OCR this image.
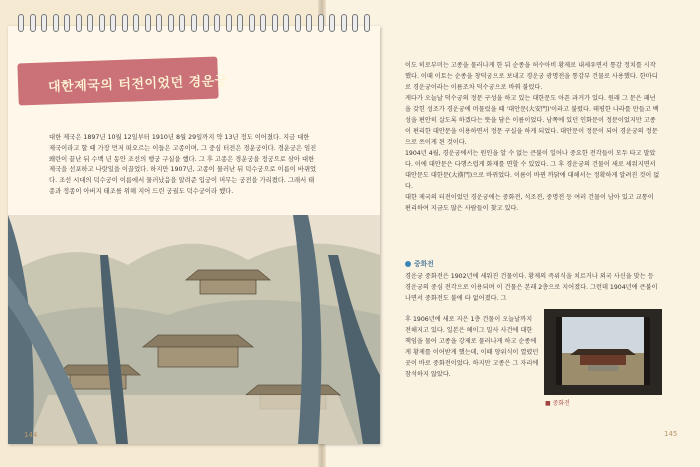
대한제국의 터전이었던 경운궁

대한 제국은 1897년 10월 12일부터 1910년 8월 29일까지 약 13년 정도 이어졌다. 지금 대한 제국이라고 할 때 가장 먼저 떠오르는 이들은 고종이며, 그 중심 터전은 경운궁이다. 경운궁은 임진왜란이 끝난 뒤 수백 년 동안 조선의 행궁 구실을 했다. 그 후 고종은 경운궁을 정궁으로 삼아 대한 제국을 선포하고 나랏일을 이끌었다. 하지만 1907년, 고종이 물러난 뒤 덕수궁으로 이름이 바뀌었다. 조선 시대의 덕수궁이 이름에서 물러났음을 알려준 입궁이 머무는 궁전을 가리켰다. 그래서 태종과 정종이 아버지 태조를 위해 지어 드린 궁궐도 덕수궁이라 했다.

144

이도 히로부미는 고종을 물러나게 한 뒤 순종을 허수아비 황제로 내세우면서 통감 정치를 시작했다. 이때 이토는 순종을 창덕궁으로 보내고 경운궁 광명전을 통감부 건물로 사용했다. 한마디로 경운궁이라는 이름조차 덕수궁으로 바꿔 불렀다.

게다가 오늘날 덕수궁의 정문 구성을 하고 있는 대한문도 아픈 과거가 있다. 원래 그 문은 패넌을 갖힌 성조가 경운궁에 머물렀을 때 '대안문(大安門)'이라고 불렸다. 태평한 나라를 만들고 백성을 편안히 살도록 하겠다는 뜻을 담은 이름이었다. 남쪽에 있던 인화문이 정문이었지만 고종이 편리한 대안문을 이용하면서 정문 구실을 하게 되었다. 대안문이 정문이 되어 경운궁의 정문으로 쓰이게 된 것이다.

1904년 4월, 경운궁에서는 원인을 알 수 없는 큰불이 일어나 중요한 전각들이 모두 타고 말았다. 이에 대안문은 다행스럽게 화재를 면할 수 있었다. 그 후 경운궁의 건물이 새로 세워지면서 대안문도 대한문(大漢門)으로 바뀌었다. 이름이 바뀐 까닭에 대해서는 정확하게 알려진 것이 없다.

대한 제국의 터전이었던 경운궁에는 중화전, 석조전, 중명전 등 여러 건물이 남아 있고 교통이 편리하여 지금도 많은 사람들이 찾고 있다.

중화전

경운궁 중화전은 1902년에 세워진 건물이다. 황제의 즉위식을 치르거나 외국 사신을 맞는 등 경운궁의 중심 전각으로 이용되며 이 건물은 본래 2층으로 지어졌다. 그런데 1904년에 큰불이 나면서 중화전도 불에 타 없어졌다. 그

후 1906년에 새로 지은 1층 건물이 오늘날까지 전해지고 있다. 일본은 헤이그 밀사 사건에 대한 책임을 물어 고종을 강제로 물러나게 하고 순종에게 황제를 이어받게 했는데, 이때 양위식이 열렸던 곳이 바로 중화전이었다. 하지만 고종은 그 자리에 참석하지 않았다.

■ 중화전
145
